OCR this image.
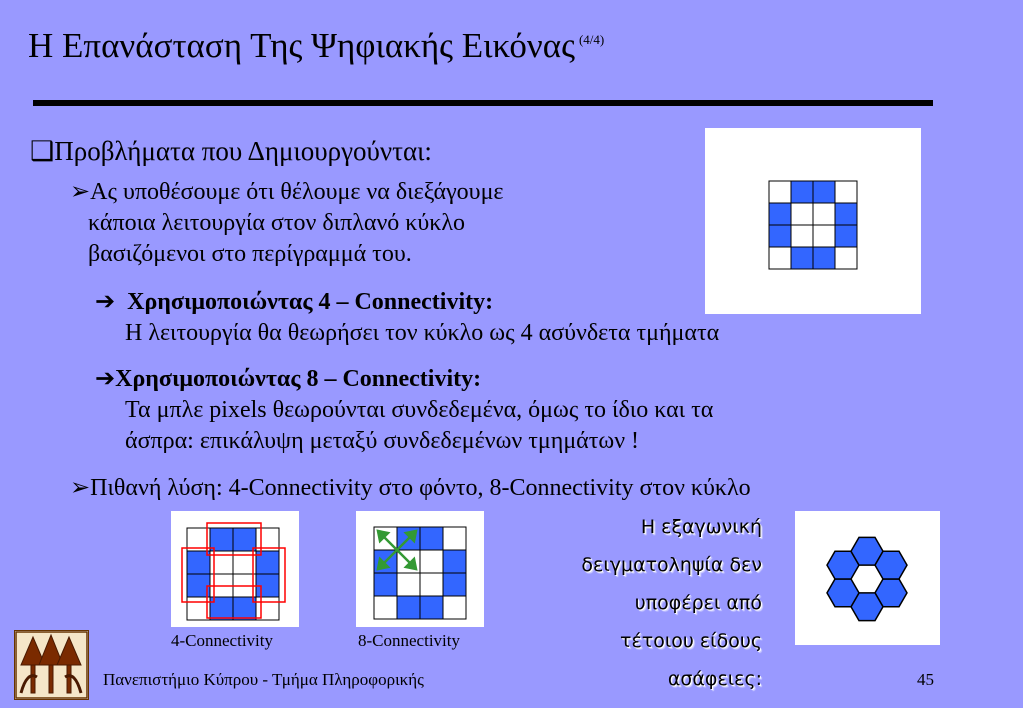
Η Επανάσταση Της Ψηφιακής Εικόνας $^{(4/4)}$
❑Προβλήματα που Δημιουργούνται:
➢Ας υποθέσουμε ότι θέλουμε να διεξάγουμε
κάποια λειτουργία στον διπλανό κύκλο
βασιζόμενοι στο περίγραμμά του.
➔ Χρησιμοποιώντας 4 – Connectivity:
Η λειτουργία θα θεωρήσει τον κύκλο ως 4 ασύνδετα τμήματα
➔Χρησιμοποιώντας 8 – Connectivity:
Τα μπλε pixels θεωρούνται συνδεδεμένα, όμως το ίδιο και τα
άσπρα: επικάλυψη μεταξύ συνδεδεμένων τμημάτων !
➢Πιθανή λύση: 4-Connectivity στο φόντο, 8-Connectivity στον κύκλο
4-Connectivity	8-Connectivity
Η εξαγωνική
δειγματοληψία δεν
υποφέρει από
τέτοιου είδους
ασάφειες:
Πανεπιστήμιο Κύπρου - Τμήμα Πληροφορικής	45
